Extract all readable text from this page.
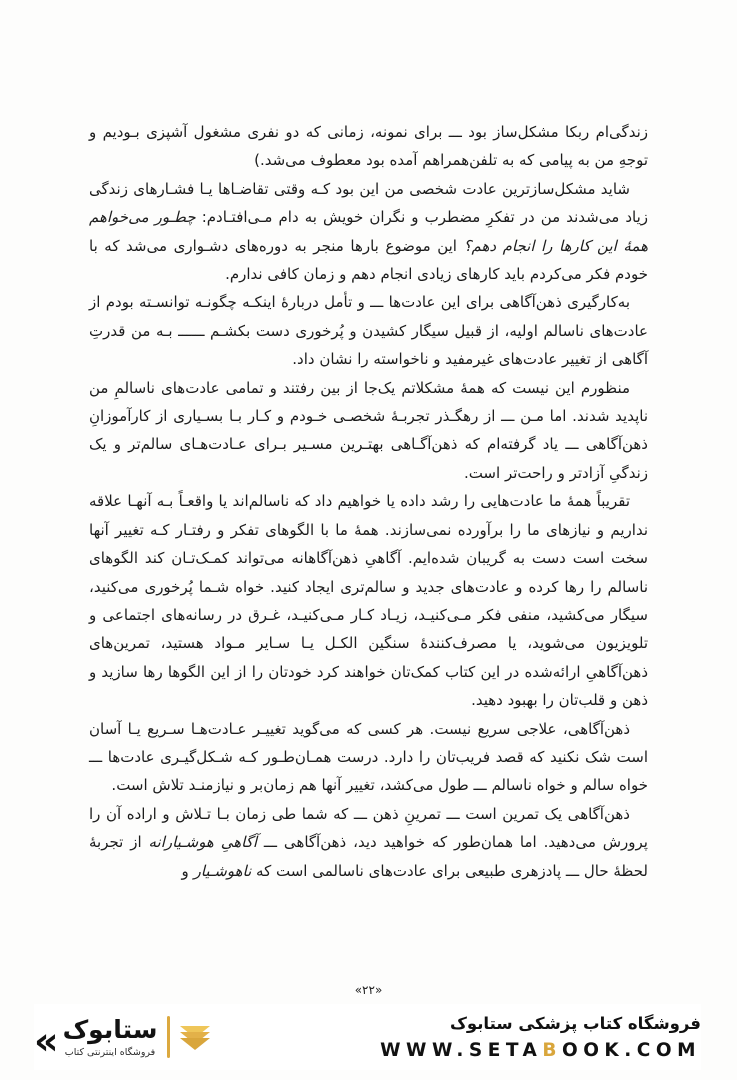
زندگی‌ام ربکا مشکل‌ساز بود ـــ برای نمونه، زمانی که دو نفری مشغول آشپزی بـودیم و توجهِ من به پیامی که به تلفن‌همراهم آمده بود معطوف می‌شد.)

شاید مشکل‌سازترین عادت شخصی من این بود کـه وقتی تقاضـاها یـا فشـارهای زندگی زیاد می‌شدند من در تفکرِ مضطرب و نگران خویش به دام مـی‌افتـادم: چطـور می‌خواهم همهٔ این کارها را انجام دهم؟ این موضوع بارها منجر به دوره‌های دشـواری می‌شد که با خودم فکر می‌کردم باید کارهای زیادی انجام دهم و زمان کافی ندارم.

به‌کارگیری ذهن‌آگاهی برای این عادت‌ها ـــ و تأمل دربارهٔ اینکـه چگونـه توانسـته بودم از عادت‌های ناسالم اولیه، از قبیل سیگار کشیدن و پُرخوری دست بکشـم ــــــ بـه من قدرتِ آگاهی از تغییر عادت‌های غیرمفید و ناخواسته را نشان داد.

منظورم این نیست که همهٔ مشکلاتم یک‌جا از بین رفتند و تمامی عادت‌های ناسالمِ من ناپدید شدند. اما مـن ـــ از رهگـذر تجربـهٔ شخصـی خـودم و کـار بـا بسـیاری از کارآموزانِ ذهن‌آگاهی ـــ یاد گرفته‌ام که ذهن‌آگـاهی بهتـرین مسـیر بـرای عـادت‌هـای سالم‌تر و یک زندگیِ آزادتر و راحت‌تر است.

تقریباً همهٔ ما عادت‌هایی را رشد داده یا خواهیم داد که ناسالم‌اند یا واقعـاً بـه آنهـا علاقه نداریم و نیازهای ما را برآورده نمی‌سازند. همهٔ ما با الگوهای تفکر و رفتـار کـه تغییر آنها سخت است دست به گریبان شده‌ایم. آگاهیِ ذهن‌آگاهانه می‌تواند کمـک‌تـان کند الگوهای ناسالم را رها کرده و عادت‌های جدید و سالم‌تری ایجاد کنید. خواه شـما پُرخوری می‌کنید، سیگار می‌کشید، منفی فکر مـی‌کنیـد، زیـاد کـار مـی‌کنیـد، غـرق در رسانه‌های اجتماعی و تلویزیون می‌شوید، یا مصرف‌کنندهٔ سنگین الکـل یـا سـایر مـواد هستید، تمرین‌های ذهن‌آگاهیِ ارائه‌شده در این کتاب کمک‌تان خواهند کرد خودتان را از این الگوها رها سازید و ذهن و قلب‌تان را بهبود دهید.

ذهن‌آگاهی، علاجی سریع نیست. هر کسی که می‌گوید تغییـر عـادت‌هـا سـریع یـا آسان است شک نکنید که قصد فریب‌تان را دارد. درست همـان‌طـور کـه شـکل‌گیـری عادت‌ها ـــ خواه سالم و خواه ناسالم ـــ طول می‌کشد، تغییر آنها هم زمان‌بر و نیازمنـد تلاش است.

ذهن‌آگاهی یک تمرین است ـــ تمرینِ ذهن ـــ که شما طی زمان بـا تـلاش و اراده آن را پرورش می‌دهید. اما همان‌طور که خواهید دید، ذهن‌آگاهی ـــ آگاهیِ هوشـیارانه از تجربهٔ لحظهٔ حال ـــ پادزهری طبیعی برای عادت‌های ناسالمی است که ناهوشـیار و

«۲۲»
« ستابوک
فروشگاه اینترنتی کتاب
فروشگاه کتاب پزشکی ستابوک
WWW.SETABOOK.COM
